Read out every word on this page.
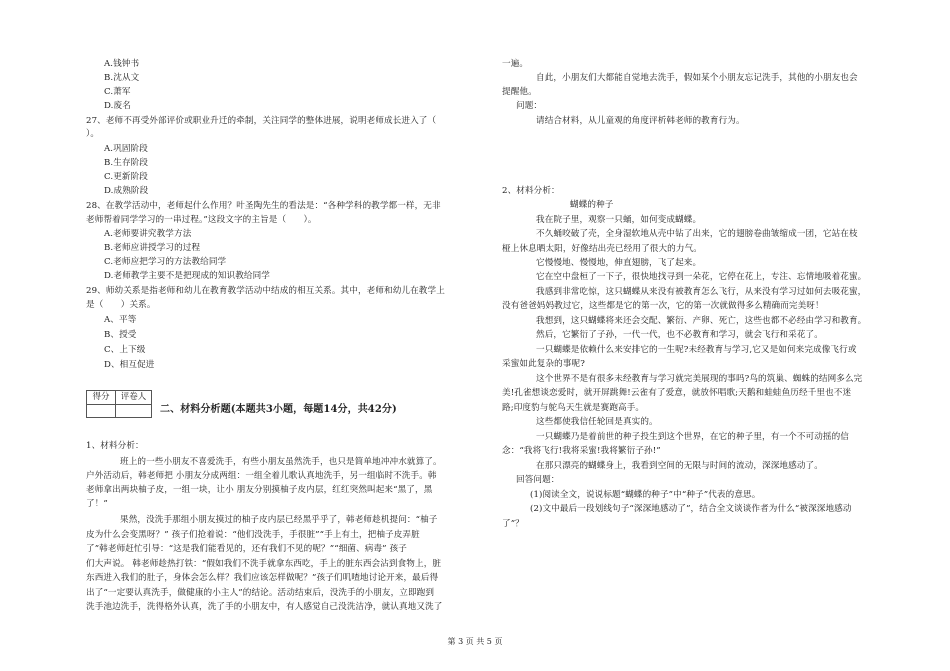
A.钱钟书
B.沈从文
C.萧军
D.废名
27、老师不再受外部评价或职业升迁的牵制，关注同学的整体进展，说明老师成长进入了（
）。
A.巩固阶段
B.生存阶段
C.更新阶段
D.成熟阶段
28、在教学活动中，老师起什么作用？叶圣陶先生的看法是：“各种学科的教学都一样，无非
老师帮着同学学习的一串过程。”这段文字的主旨是（　　）。
A.老师要讲究教学方法
B.老师应讲授学习的过程
C.老师应把学习的方法教给同学
D.老师教学主要不是把现成的知识教给同学
29、师幼关系是指老师和幼儿在教育教学活动中结成的相互关系。其中，老师和幼儿在教学上
是（　　）关系。
A、平等
B、授受
C、上下级
D、相互促进
得分	评卷人
二、材料分析题(本题共3小题，每题14分，共42分)
1、材料分析：
班上的一些小朋友不喜爱洗手，有些小朋友虽然洗手，也只是简单地冲冲水就算了。
户外活动后，韩老师把 小朋友分成两组：一组全着儿歌认真地洗手，另一组临时不洗手。韩
老师拿出两块柚子皮，一组一块，让小 朋友分别摸柚子皮内层，红红突然叫起来“黑了，黑
了！”
果然，没洗手那组小朋友摸过的柚子皮内层已经黑乎乎了，韩老师趁机提问：“柚子
皮为什么会变黑呀？” 孩子们抢着说：“他们没洗手，手很脏”“手上有土，把柚子皮弄脏
了”韩老师赶忙引导：“这是我们能看见的，还有我们不见的呢？”“细菌、病毒” 孩子
们大声说。 韩老师趁热打铁：“假如我们不洗手就拿东西吃，手上的脏东西会沾到食物上，脏
东西进入我们的肚子，身体会怎么样？我们应该怎样做呢？”孩子们叽喳地讨论开来，最后得
出了“一定要认真洗手，做健康的小主人”的结论。活动结束后，没洗手的小朋友，立即跑到
洗手池边洗手，洗得格外认真，洗了手的小朋友中，有人感觉自己没洗洁净，就认真地又洗了
一遍。
自此，小朋友们大都能自觉地去洗手，假如某个小朋友忘记洗手，其他的小朋友也会
提醒他。
问题：
请结合材料，从儿童观的角度评析韩老师的教育行为。
2、材料分析：
蝴蝶的种子
我在院子里，观察一只蛹，如何变成蝴蝶。
不久蛹咬破了壳，全身湿软地从壳中钻了出来，它的翅膀卷曲皱缩成一团，它站在枝
桠上休息晒太阳，好像结出壳已经用了很大的力气。
它慢慢地、慢慢地，伸直翅膀，飞了起来。
它在空中盘桓了一下子，很快地找寻到一朵花，它停在花上，专注、忘情地吸着花蜜。
我感到非常吃惊，这只蝴蝶从来没有被教育怎么飞行，从来没有学习过如何去吸花蜜，
没有爸爸妈妈教过它，这些都是它的第一次，它的第一次就做得多么精确而完美呀！
我想到，这只蝴蝶将来还会交配、繁衍、产卵、死亡，这些也都不必经由学习和教育。
然后，它繁衍了子孙，一代一代，也不必教育和学习，就会飞行和采花了。
一只蝴蝶是依赖什么来安排它的一生呢?未经教育与学习,它又是如何来完成像飞行或
采蜜如此复杂的事呢?
这个世界不是有很多未经教育与学习就完美展现的事吗?鸟的筑巢、蜘蛛的结网多么完
美!孔雀想谈恋爱时，就开屏跳舞!云雀有了爱意，就放怀唱歌;天鹅和蛙蛙鱼历经千里也不迷
路;印度豹与鸵鸟天生就是赛跑高手。
这些都使我信任轮回是真实的。
一只蝴蝶乃是着前世的种子投生到这个世界，在它的种子里，有一个不可动摇的信
念：“我将飞行!我将采蜜!我将繁衍子孙!”
在那只漂亮的蝴蝶身上，我看到空间的无限与时间的流动，深深地感动了。
回答问题：
(1)阅读全文，说说标题“蝴蝶的种子”中“种子”代表的意思。
(2)文中最后一段划线句子“深深地感动了”，结合全文谈谈作者为什么“被深深地感动
了”？
第 3 页 共 5 页
